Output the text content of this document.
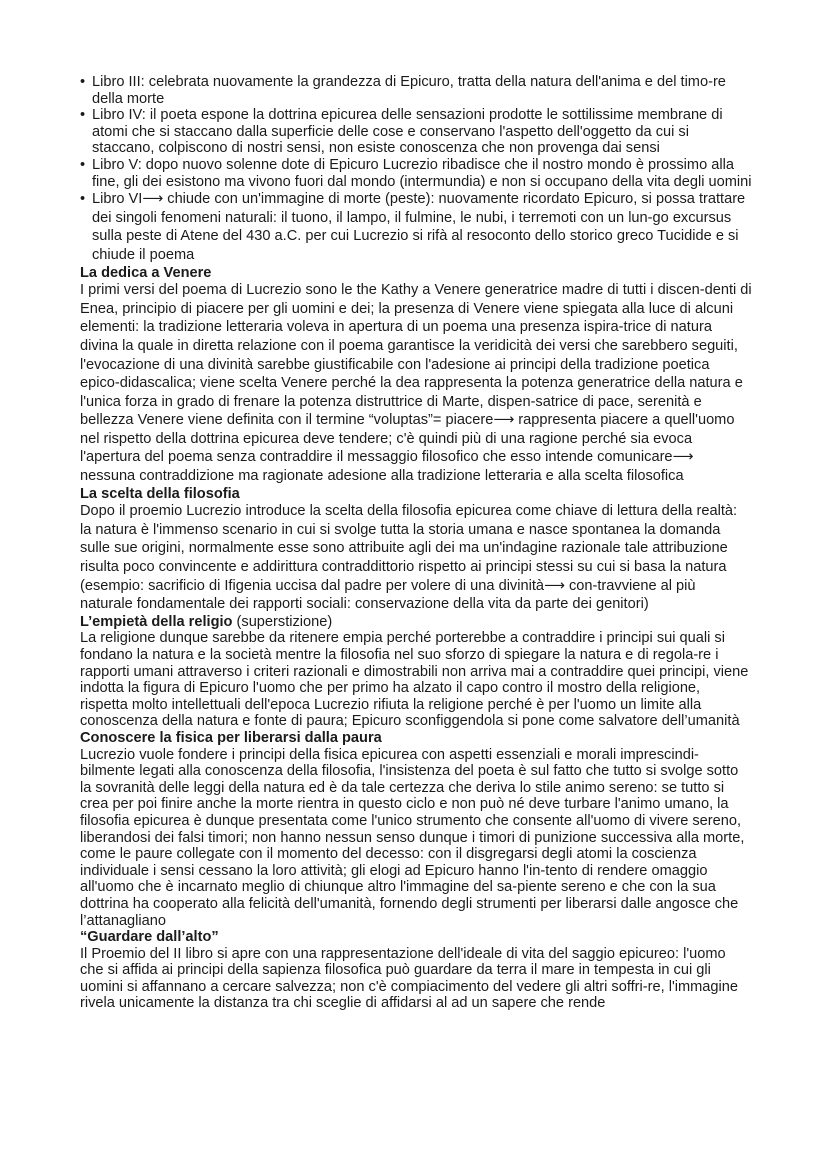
• Libro III: celebrata nuovamente la grandezza di Epicuro, tratta della natura dell'anima e del timo-re della morte
• Libro IV: il poeta espone la dottrina epicurea delle sensazioni prodotte le sottilissime membrane di atomi che si staccano dalla superficie delle cose e conservano l'aspetto dell'oggetto da cui si staccano, colpiscono di nostri sensi, non esiste conoscenza che non provenga dai sensi
• Libro V: dopo nuovo solenne dote di Epicuro Lucrezio ribadisce che il nostro mondo è prossimo alla fine, gli dei esistono ma vivono fuori dal mondo (intermundia) e non si occupano della vita degli uomini
• Libro VI⟶ chiude con un'immagine di morte (peste): nuovamente ricordato Epicuro, si possa trattare dei singoli fenomeni naturali: il tuono, il lampo, il fulmine, le nubi, i terremoti con un lun-go excursus sulla peste di Atene del 430 a.C. per cui Lucrezio si rifà al resoconto dello storico greco Tucidide e si chiude il poema
La dedica a Venere

I primi versi del poema di Lucrezio sono le the Kathy a Venere generatrice madre di tutti i discen-denti di Enea, principio di piacere per gli uomini e dei; la presenza di Venere viene spiegata alla luce di alcuni elementi: la tradizione letteraria voleva in apertura di un poema una presenza ispira-trice di natura divina la quale in diretta relazione con il poema garantisce la veridicità dei versi che sarebbero seguiti, l'evocazione di una divinità sarebbe giustificabile con l'adesione ai principi della tradizione poetica epico-didascalica; viene scelta Venere perché la dea rappresenta la potenza generatrice della natura e l'unica forza in grado di frenare la potenza distruttrice di Marte, dispen-satrice di pace, serenità e bellezza Venere viene definita con il termine “voluptas”= piacere⟶ rappresenta piacere a quell'uomo nel rispetto della dottrina epicurea deve tendere; c'è quindi più di una ragione perché sia evoca l'apertura del poema senza contraddire il messaggio filosofico che esso intende comunicare⟶ nessuna contraddizione ma ragionate adesione alla tradizione letteraria e alla scelta filosofica

La scelta della filosofia

Dopo il proemio Lucrezio introduce la scelta della filosofia epicurea come chiave di lettura della realtà: la natura è l'immenso scenario in cui si svolge tutta la storia umana e nasce spontanea la domanda sulle sue origini, normalmente esse sono attribuite agli dei ma un'indagine razionale tale attribuzione risulta poco convincente e addirittura contraddittorio rispetto ai principi stessi su cui si basa la natura (esempio: sacrificio di Ifigenia uccisa dal padre per volere di una divinità⟶ con-travviene al più naturale fondamentale dei rapporti sociali: conservazione della vita da parte dei genitori)

L’empietà della religio (superstizione)

La religione dunque sarebbe da ritenere empia perché porterebbe a contraddire i principi sui quali si fondano la natura e la società mentre la filosofia nel suo sforzo di spiegare la natura e di regola-re i rapporti umani attraverso i criteri razionali e dimostrabili non arriva mai a contraddire quei principi, viene indotta la figura di Epicuro l'uomo che per primo ha alzato il capo contro il mostro della religione, rispetta molto intellettuali dell'epoca Lucrezio rifiuta la religione perché è per l'uomo un limite alla conoscenza della natura e fonte di paura; Epicuro sconfiggendola si pone come salvatore dell’umanità

Conoscere la fisica per liberarsi dalla paura

Lucrezio vuole fondere i principi della fisica epicurea con aspetti essenziali e morali imprescindi-bilmente legati alla conoscenza della filosofia, l'insistenza del poeta è sul fatto che tutto si svolge sotto la sovranità delle leggi della natura ed è da tale certezza che deriva lo stile animo sereno: se tutto si crea per poi finire anche la morte rientra in questo ciclo e non può né deve turbare l'animo umano, la filosofia epicurea è dunque presentata come l'unico strumento che consente all'uomo di vivere sereno, liberandosi dei falsi timori; non hanno nessun senso dunque i timori di punizione successiva alla morte, come le paure collegate con il momento del decesso: con il disgregarsi degli atomi la coscienza individuale i sensi cessano la loro attività; gli elogi ad Epicuro hanno l'in-tento di rendere omaggio all'uomo che è incarnato meglio di chiunque altro l'immagine del sa-piente sereno e che con la sua dottrina ha cooperato alla felicità dell'umanità, fornendo degli strumenti per liberarsi dalle angosce che l’attanagliano

“Guardare dall’alto”

Il Proemio del II libro si apre con una rappresentazione dell'ideale di vita del saggio epicureo: l'uomo che si affida ai principi della sapienza filosofica può guardare da terra il mare in tempesta in cui gli uomini si affannano a cercare salvezza; non c'è compiacimento del vedere gli altri soffri-re, l'immagine rivela unicamente la distanza tra chi sceglie di affidarsi al ad un sapere che rende
